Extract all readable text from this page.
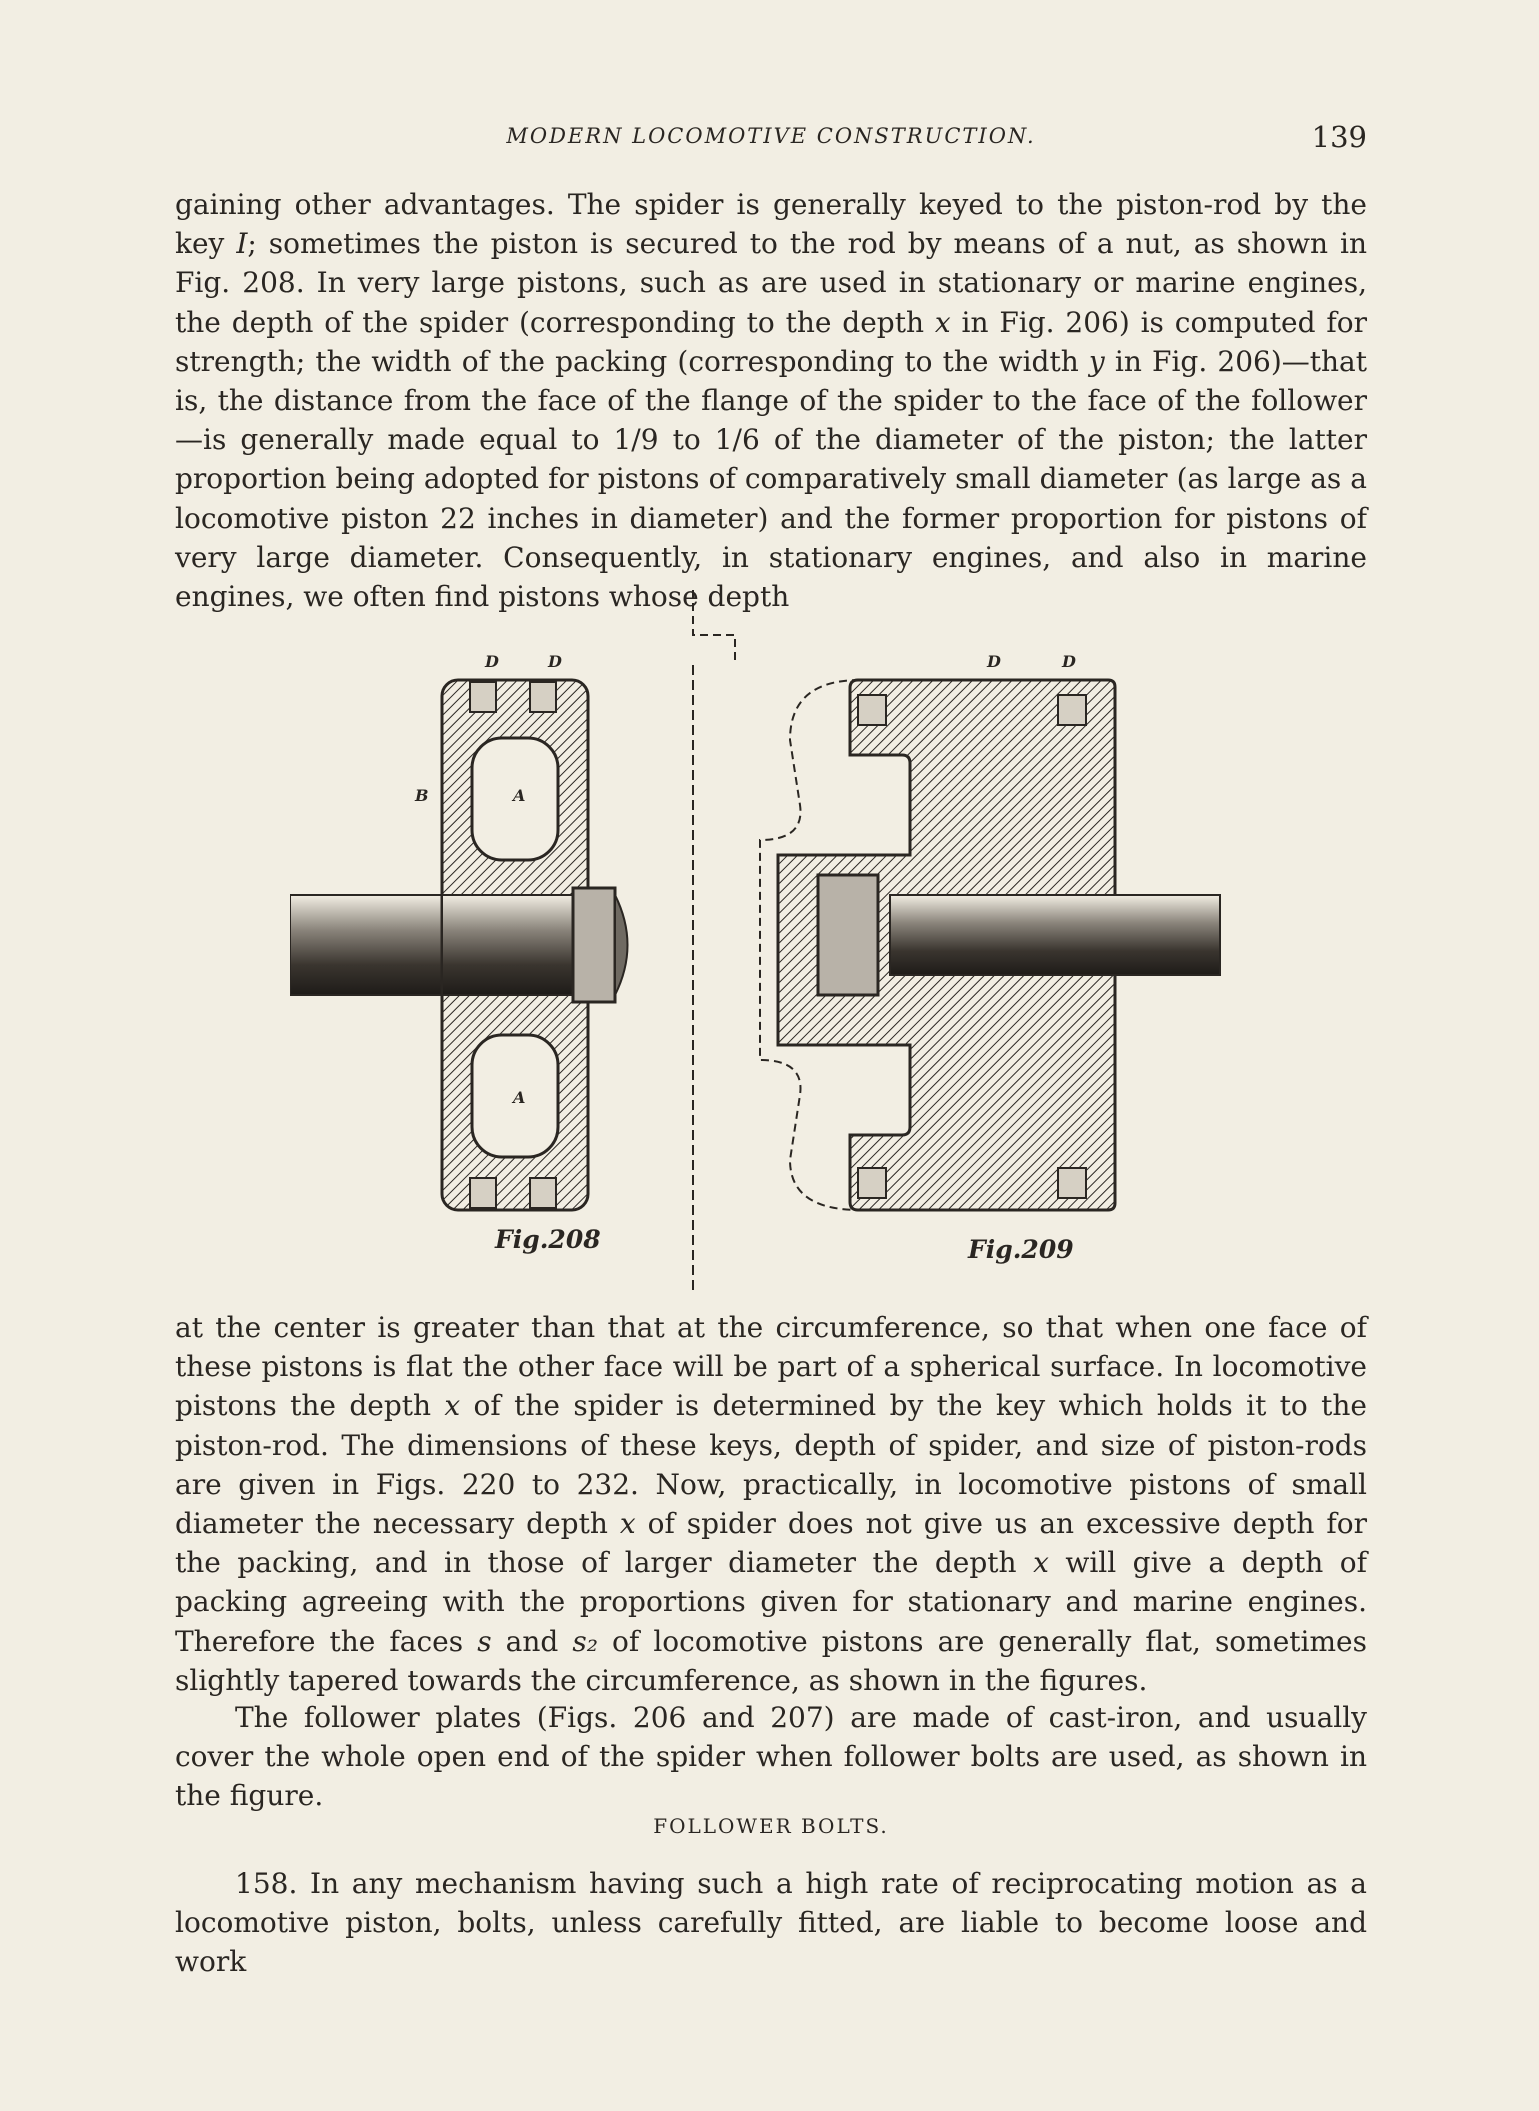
MODERN LOCOMOTIVE CONSTRUCTION.	139

gaining other advantages. The spider is generally keyed to the piston-rod by the key I; sometimes the piston is secured to the rod by means of a nut, as shown in Fig. 208. In very large pistons, such as are used in stationary or marine engines, the depth of the spider (corresponding to the depth x in Fig. 206) is computed for strength; the width of the packing (corresponding to the width y in Fig. 206)—that is, the distance from the face of the flange of the spider to the face of the follower—is generally made equal to 1/9 to 1/6 of the diameter of the piston; the latter proportion being adopted for pistons of comparatively small diameter (as large as a locomotive piston 22 inches in diameter) and the former proportion for pistons of very large diameter. Consequently, in stationary engines, and also in marine engines, we often find pistons whose depth

D	D
B	A
A
D	D
Fig.208	Fig.209

at the center is greater than that at the circumference, so that when one face of these pistons is flat the other face will be part of a spherical surface. In locomotive pistons the depth x of the spider is determined by the key which holds it to the piston-rod. The dimensions of these keys, depth of spider, and size of piston-rods are given in Figs. 220 to 232. Now, practically, in locomotive pistons of small diameter the necessary depth x of spider does not give us an excessive depth for the packing, and in those of larger diameter the depth x will give a depth of packing agreeing with the proportions given for stationary and marine engines. Therefore the faces s and s₂ of locomotive pistons are generally flat, sometimes slightly tapered towards the circumference, as shown in the figures.

The follower plates (Figs. 206 and 207) are made of cast-iron, and usually cover the whole open end of the spider when follower bolts are used, as shown in the figure.

FOLLOWER BOLTS.

158. In any mechanism having such a high rate of reciprocating motion as a locomotive piston, bolts, unless carefully fitted, are liable to become loose and work
